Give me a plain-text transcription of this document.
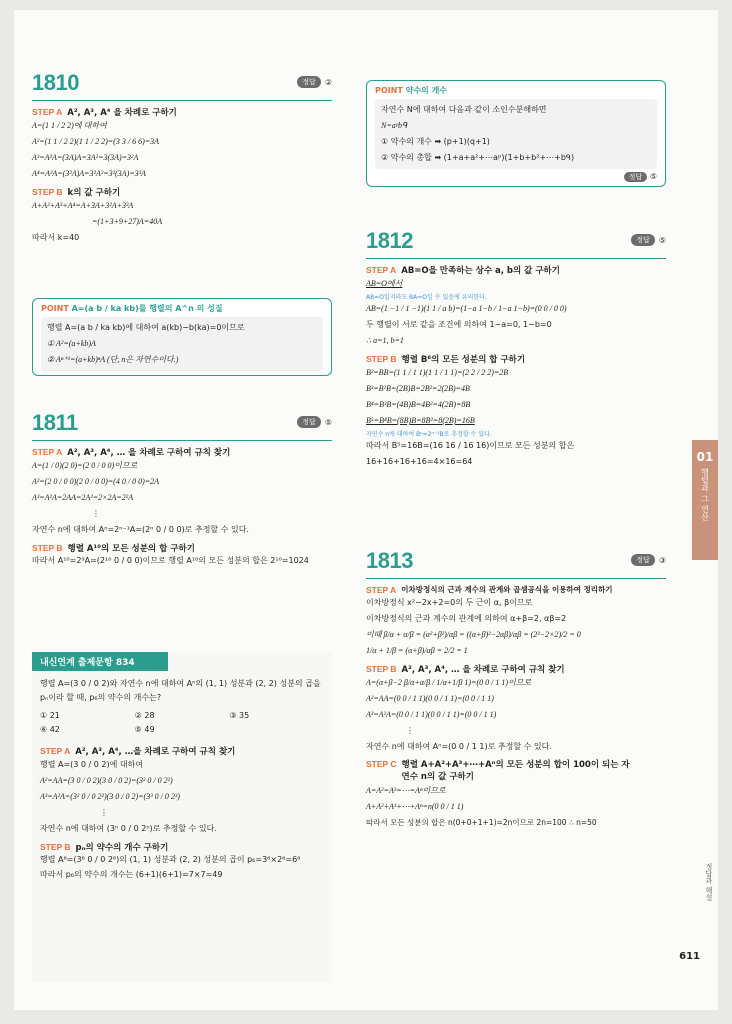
1810	정답	②
STEP A A², A³, A⁴ 을 차례로 구하기
A=(1 1 / 2 2)에 대하여
A²=(1 1 / 2 2)(1 1 / 2 2)=(3 3 / 6 6)=3A
A³=A²A=(3A)A=3A²=3(3A)=3²A
A⁴=A³A=(3²A)A=3²A²=3²(3A)=3³A
STEP B k의 값 구하기
A+A²+A³+A⁴=A+3A+3²A+3³A
=(1+3+9+27)A=40A
따라서 k=40
POINT A=(a b / ka kb)를 행렬의 A^n 의 성질
행렬 A=(a b / ka kb)에 대하여 a(kb)−b(ka)=0이므로
① A²=(a+kb)A
② Aⁿ⁺¹=(a+kb)ⁿA (단, n은 자연수이다.)
1811	정답	⑤
STEP A A², A³, A⁴, … 을 차례로 구하여 규칙 찾기
A=(1 / 0)(2 0)=(2 0 / 0 0)이므로
A²=(2 0 / 0 0)(2 0 / 0 0)=(4 0 / 0 0)=2A
A³=A²A=2AA=2A²=2×2A=2²A
⋮
자연수 n에 대하여 Aⁿ=2ⁿ⁻¹A=(2ⁿ 0 / 0 0)로 추정할 수 있다.
STEP B 행렬 A¹⁰의 모든 성분의 합 구하기
따라서 A¹⁰=2⁹A=(2¹⁰ 0 / 0 0)이므로 행렬 A¹⁰의 모든 성분의 합은 2¹⁰=1024
내신연계 출제문항 834
행렬 A=(3 0 / 0 2)와 자연수 n에 대하여 Aⁿ의 (1, 1) 성분과 (2, 2) 성분의 곱을 pₙ이라 할 때, p₆의 약수의 개수는?
① 21	② 28	③ 35
④ 42	⑤ 49
STEP A A², A³, A⁴, …을 차례로 구하여 규칙 찾기
행렬 A=(3 0 / 0 2)에 대하여
A²=AA=(3 0 / 0 2)(3 0 / 0 2)=(3² 0 / 0 2²)
A³=A²A=(3² 0 / 0 2²)(3 0 / 0 2)=(3³ 0 / 0 2³)
⋮
자연수 n에 대하여 (3ⁿ 0 / 0 2ⁿ)로 추정할 수 있다.
STEP B pₙ의 약수의 개수 구하기
행렬 A⁶=(3⁶ 0 / 0 2⁶)의 (1, 1) 성분과 (2, 2) 성분의 곱이 p₆=3⁶×2⁶=6⁶
따라서 p₆의 약수의 개수는 (6+1)(6+1)=7×7=49
POINT 약수의 개수
자연수 N에 대하여 다음과 같이 소인수분해하면
N=aᵖbᑫ
① 약수의 개수 ➡ (p+1)(q+1)
② 약수의 총합 ➡ (1+a+a²+⋯aᵖ)(1+b+b²+⋯+bᑫ)
정답 ⑤
1812	정답	⑤
STEP A AB=O을 만족하는 상수 a, b의 값 구하기
AB=O에서
AB=O일지라도 BA=O일 수 있음에 유의한다.
AB=(1 −1 / 1 −1)(1 1 / a b)=(1−a 1−b / 1−a 1−b)=(0 0 / 0 0)
두 행렬이 서로 같을 조건에 의하여 1−a=0, 1−b=0
∴ a=1, b=1
STEP B 행렬 B⁶의 모든 성분의 합 구하기
B²=BB=(1 1 / 1 1)(1 1 / 1 1)=(2 2 / 2 2)=2B
B³=B²B=(2B)B=2B²=2(2B)=4B
B⁴=B³B=(4B)B=4B²=4(2B)=8B
B⁵=B⁴B=(8B)B=8B²=8(2B)=16B
자연수 n에 대하여 Bⁿ=2ⁿ⁻¹B로 추정할 수 있다.
따라서 B⁵=16B=(16 16 / 16 16)이므로 모든 성분의 합은
16+16+16+16=4×16=64
1813	정답	③
STEP A 이차방정식의 근과 계수의 관계와 곱셈공식을 이용하여 정리하기
이차방정식 x²−2x+2=0의 두 근이 α, β이므로
이차방정식의 근과 계수의 관계에 의하여 α+β=2, αβ=2
이때 β/α + α/β = (α²+β²)/αβ = ((α+β)²−2αβ)/αβ = (2²−2×2)/2 = 0
1/α + 1/β = (α+β)/αβ = 2/2 = 1
STEP B A², A³, A⁴, … 을 차례로 구하여 규칙 찾기
A=(α+β−2 β/α+α/β / 1/α+1/β 1)=(0 0 / 1 1)이므로
A²=AA=(0 0 / 1 1)(0 0 / 1 1)=(0 0 / 1 1)
A³=A²A=(0 0 / 1 1)(0 0 / 1 1)=(0 0 / 1 1)
⋮
자연수 n에 대하여 Aⁿ=(0 0 / 1 1)로 추정할 수 있다.
STEP C 행렬 A+A²+A³+⋯+Aⁿ의 모든 성분의 합이 100이 되는 자연수 n의 값 구하기
A=A²=A³=⋯=Aⁿ이므로
A+A²+A³+⋯+Aⁿ=n(0 0 / 1 1)
따라서 모든 성분의 합은 n(0+0+1+1)=2n이므로 2n=100 ∴ n=50
01
행렬과 그 연산
정답과 해설
611
